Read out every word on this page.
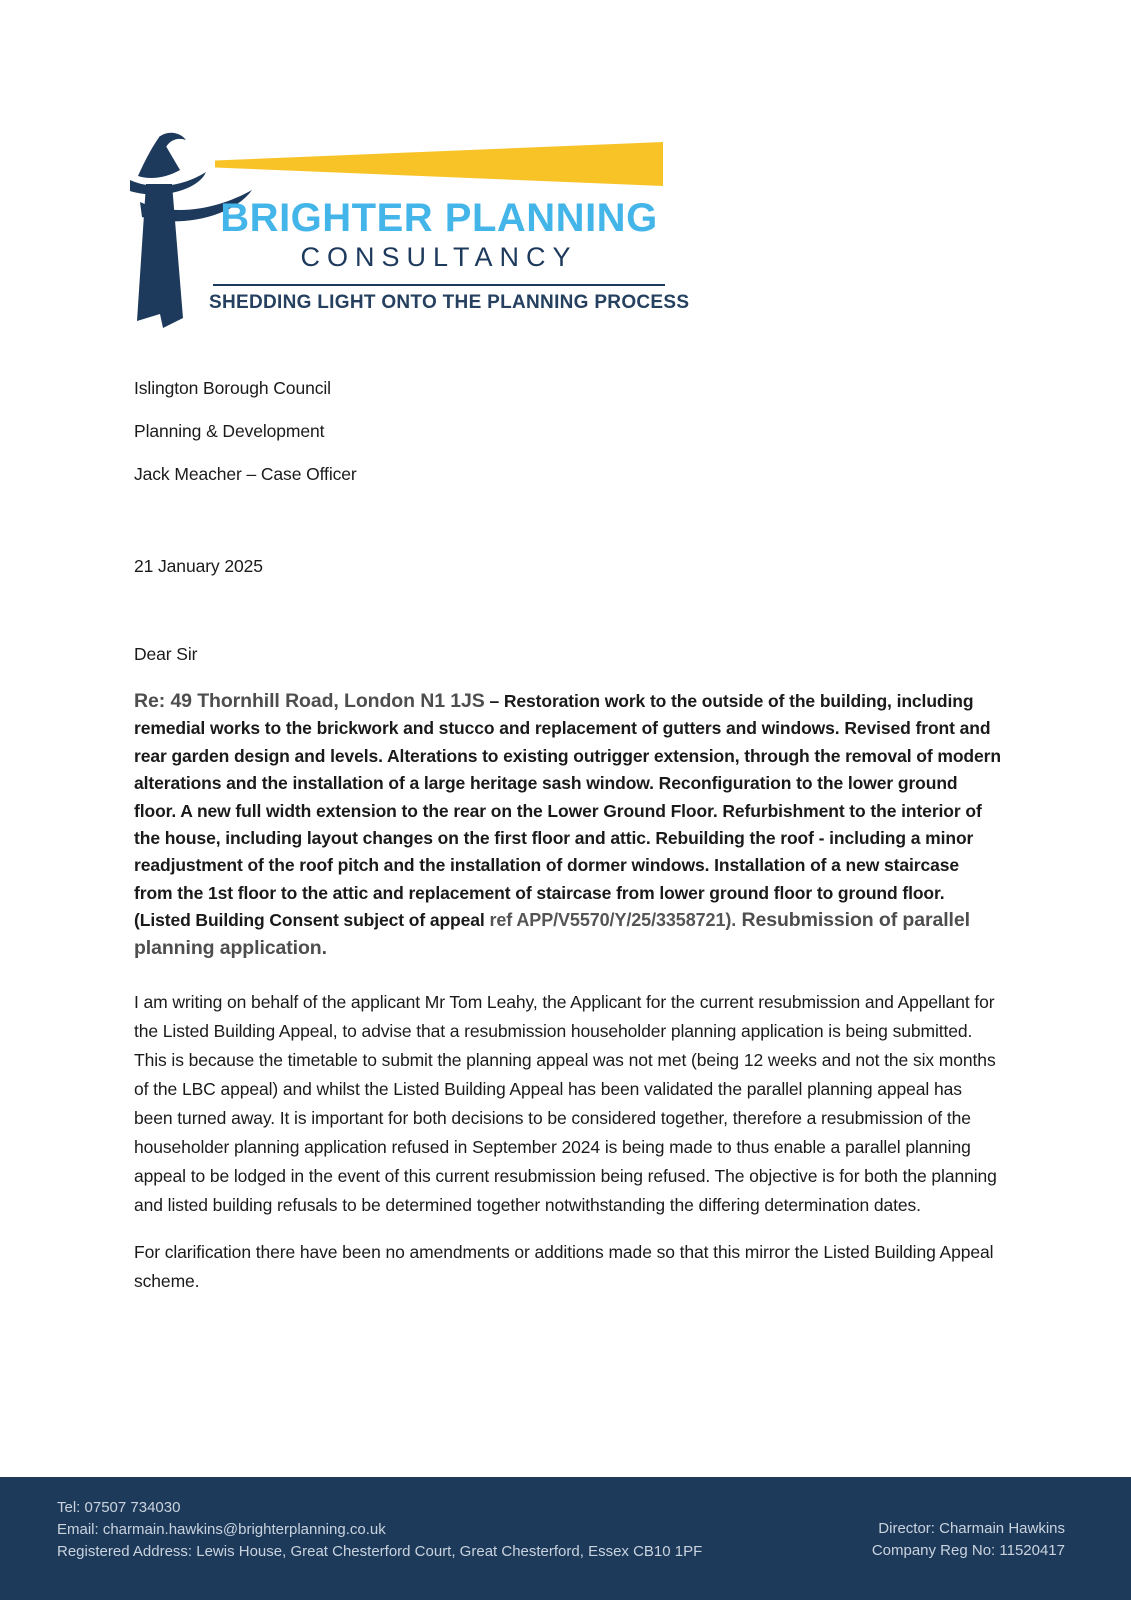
BRIGHTER PLANNING
CONSULTANCY
SHEDDING LIGHT ONTO THE PLANNING PROCESS

Islington Borough Council

Planning & Development

Jack Meacher – Case Officer

21 January 2025

Dear Sir

Re: 49 Thornhill Road, London N1 1JS – Restoration work to the outside of the building, including remedial works to the brickwork and stucco and replacement of gutters and windows. Revised front and rear garden design and levels. Alterations to existing outrigger extension, through the removal of modern alterations and the installation of a large heritage sash window. Reconfiguration to the lower ground floor. A new full width extension to the rear on the Lower Ground Floor. Refurbishment to the interior of the house, including layout changes on the first floor and attic. Rebuilding the roof - including a minor readjustment of the roof pitch and the installation of dormer windows. Installation of a new staircase from the 1st floor to the attic and replacement of staircase from lower ground floor to ground floor. (Listed Building Consent subject of appeal ref APP/V5570/Y/25/3358721). Resubmission of parallel planning application.

I am writing on behalf of the applicant Mr Tom Leahy, the Applicant for the current resubmission and Appellant for the Listed Building Appeal, to advise that a resubmission householder planning application is being submitted. This is because the timetable to submit the planning appeal was not met (being 12 weeks and not the six months of the LBC appeal) and whilst the Listed Building Appeal has been validated the parallel planning appeal has been turned away. It is important for both decisions to be considered together, therefore a resubmission of the householder planning application refused in September 2024 is being made to thus enable a parallel planning appeal to be lodged in the event of this current resubmission being refused. The objective is for both the planning and listed building refusals to be determined together notwithstanding the differing determination dates.

For clarification there have been no amendments or additions made so that this mirror the Listed Building Appeal scheme.

Tel: 07507 734030
Email: charmain.hawkins@brighterplanning.co.uk
Registered Address: Lewis House, Great Chesterford Court, Great Chesterford, Essex CB10 1PF
Director: Charmain Hawkins
Company Reg No: 11520417
